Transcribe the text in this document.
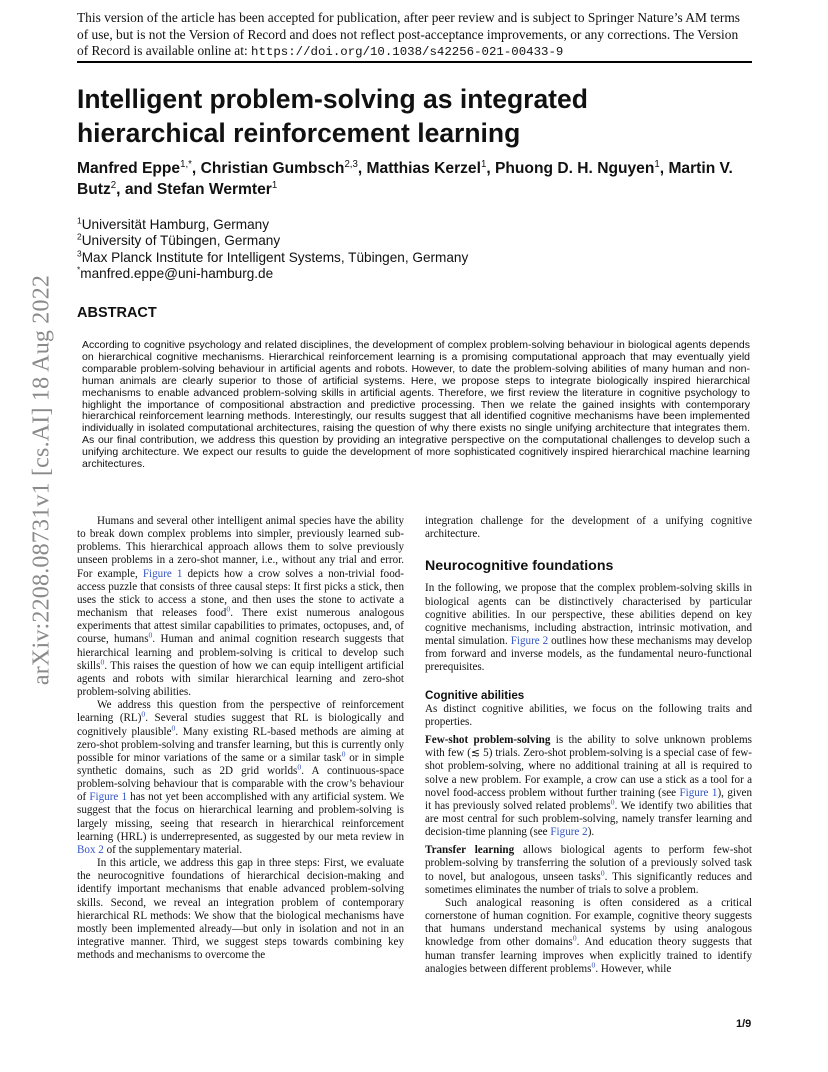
This version of the article has been accepted for publication, after peer review and is subject to Springer Nature’s AM terms of use, but is not the Version of Record and does not reflect post-acceptance improvements, or any corrections. The Version of Record is available online at: https://doi.org/10.1038/s42256-021-00433-9
Intelligent problem-solving as integrated
hierarchical reinforcement learning
Manfred Eppe$^{1,*}$, Christian Gumbsch$^{2,3}$, Matthias Kerzel$^1$, Phuong D. H. Nguyen$^1$, Martin V. Butz$^2$, and Stefan Wermter$^1$
$^1$Universität Hamburg, Germany
$^2$University of Tübingen, Germany
$^3$Max Planck Institute for Intelligent Systems, Tübingen, Germany
*manfred.eppe@uni-hamburg.de
ABSTRACT
According to cognitive psychology and related disciplines, the development of complex problem-solving behaviour in biological agents depends on hierarchical cognitive mechanisms. Hierarchical reinforcement learning is a promising computational approach that may eventually yield comparable problem-solving behaviour in artificial agents and robots. However, to date the problem-solving abilities of many human and non-human animals are clearly superior to those of artificial systems. Here, we propose steps to integrate biologically inspired hierarchical mechanisms to enable advanced problem-solving skills in artificial agents. Therefore, we first review the literature in cognitive psychology to highlight the importance of compositional abstraction and predictive processing. Then we relate the gained insights with contemporary hierarchical reinforcement learning methods. Interestingly, our results suggest that all identified cognitive mechanisms have been implemented individually in isolated computational architectures, raising the question of why there exists no single unifying architecture that integrates them. As our final contribution, we address this question by providing an integrative perspective on the computational challenges to develop such a unifying architecture. We expect our results to guide the development of more sophisticated cognitively inspired hierarchical machine learning architectures.
arXiv:2208.08731v1 [cs.AI] 18 Aug 2022	Humans and several other intelligent animal species have the ability to break down complex problems into simpler, previously learned sub-problems. This hierarchical approach allows them to solve previously unseen problems in a zero-shot manner, i.e., without any trial and error. For example, Figure 1 depicts how a crow solves a non-trivial food-access puzzle that consists of three causal steps: It first picks a stick, then uses the stick to access a stone, and then uses the stone to activate a mechanism that releases food$^0$. There exist numerous analogous experiments that attest similar capabilities to primates, octopuses, and, of course, humans$^0$. Human and animal cognition research suggests that hierarchical learning and problem-solving is critical to develop such skills$^0$. This raises the question of how we can equip intelligent artificial agents and robots with similar hierarchical learning and zero-shot problem-solving abilities.

We address this question from the perspective of reinforcement learning (RL)$^0$. Several studies suggest that RL is biologically and cognitively plausible$^0$. Many existing RL-based methods are aiming at zero-shot problem-solving and transfer learning, but this is currently only possible for minor variations of the same or a similar task$^0$ or in simple synthetic domains, such as 2D grid worlds$^0$. A continuous-space problem-solving behaviour that is comparable with the crow’s behaviour of Figure 1 has not yet been accomplished with any artificial system. We suggest that the focus on hierarchical learning and problem-solving is largely missing, seeing that research in hierarchical reinforcement learning (HRL) is underrepresented, as suggested by our meta review in Box 2 of the supplementary material.

In this article, we address this gap in three steps: First, we evaluate the neurocognitive foundations of hierarchical decision-making and identify important mechanisms that enable advanced problem-solving skills. Second, we reveal an integration problem of contemporary hierarchical RL methods: We show that the biological mechanisms have mostly been implemented already—but only in isolation and not in an integrative manner. Third, we suggest steps towards combining key methods and mechanisms to overcome the

integration challenge for the development of a unifying cognitive architecture.

Neurocognitive foundations

In the following, we propose that the complex problem-solving skills in biological agents can be distinctively characterised by particular cognitive abilities. In our perspective, these abilities depend on key cognitive mechanisms, including abstraction, intrinsic motivation, and mental simulation. Figure 2 outlines how these mechanisms may develop from forward and inverse models, as the fundamental neuro-functional prerequisites.

Cognitive abilities

As distinct cognitive abilities, we focus on the following traits and properties.

Few-shot problem-solving is the ability to solve unknown problems with few (≲ 5) trials. Zero-shot problem-solving is a special case of few-shot problem-solving, where no additional training at all is required to solve a new problem. For example, a crow can use a stick as a tool for a novel food-access problem without further training (see Figure 1), given it has previously solved related problems$^0$. We identify two abilities that are most central for such problem-solving, namely transfer learning and decision-time planning (see Figure 2).

Transfer learning allows biological agents to perform few-shot problem-solving by transferring the solution of a previously solved task to novel, but analogous, unseen tasks$^0$. This significantly reduces and sometimes eliminates the number of trials to solve a problem.

Such analogical reasoning is often considered as a critical cornerstone of human cognition. For example, cognitive theory suggests that humans understand mechanical systems by using analogous knowledge from other domains$^0$. And education theory suggests that human transfer learning improves when explicitly trained to identify analogies between different problems$^0$. However, while

1/9
